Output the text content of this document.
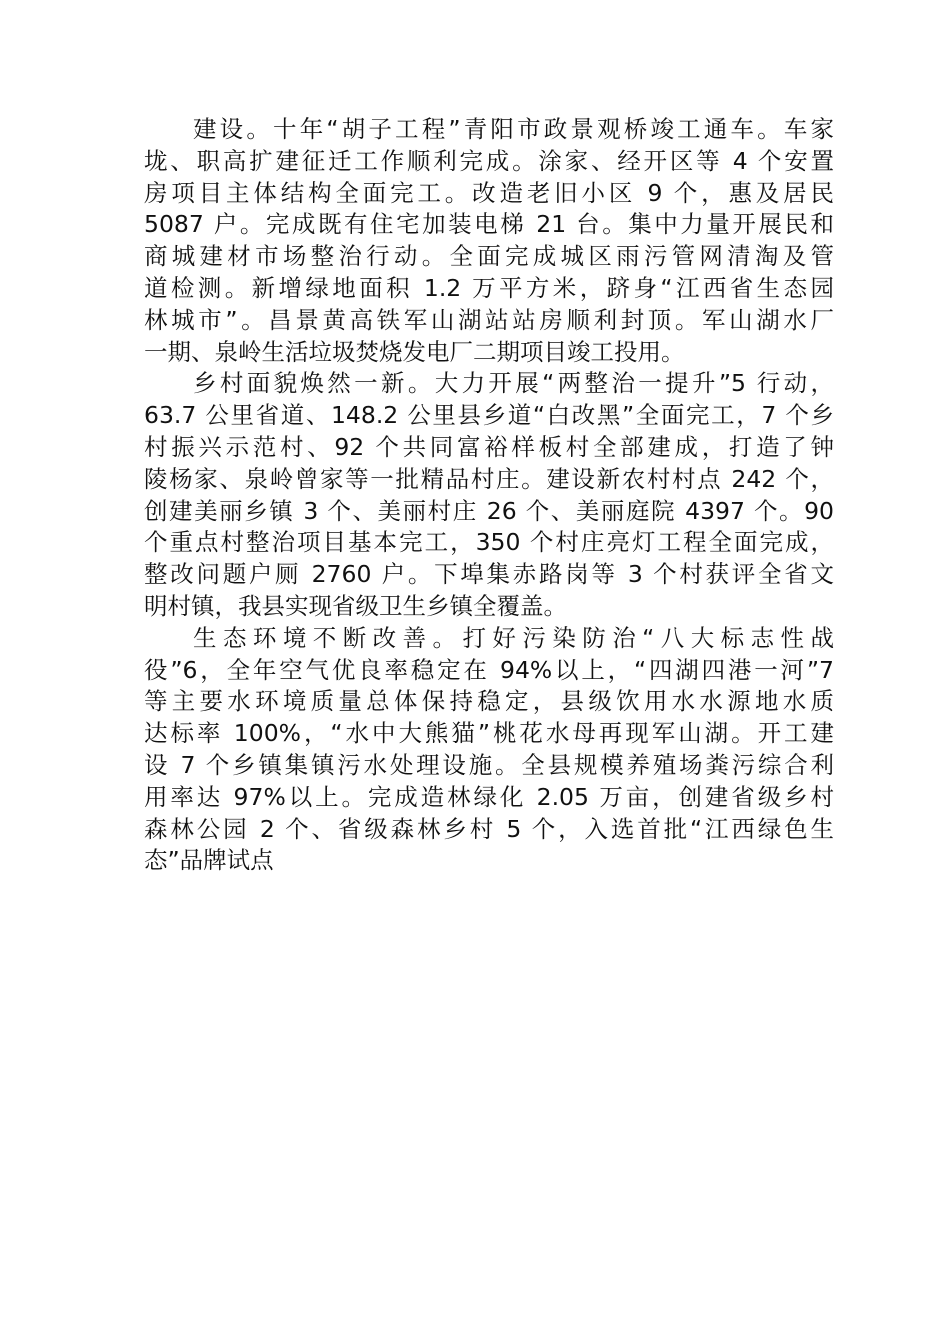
建设。十年“胡子工程”青阳市政景观桥竣工通车。车家
垅、职高扩建征迁工作顺利完成。涂家、经开区等 4 个安置
房项目主体结构全面完工。改造老旧小区 9 个，惠及居民
5087 户。完成既有住宅加装电梯 21 台。集中力量开展民和
商城建材市场整治行动。全面完成城区雨污管网清淘及管
道检测。新增绿地面积 1.2 万平方米，跻身“江西省生态园
林城市”。昌景黄高铁军山湖站站房顺利封顶。军山湖水厂
一期、泉岭生活垃圾焚烧发电厂二期项目竣工投用。
乡村面貌焕然一新。大力开展“两整治一提升”5 行动，
63.7 公里省道、148.2 公里县乡道“白改黑”全面完工，7 个乡
村振兴示范村、92 个共同富裕样板村全部建成，打造了钟
陵杨家、泉岭曾家等一批精品村庄。建设新农村村点 242 个，
创建美丽乡镇 3 个、美丽村庄 26 个、美丽庭院 4397 个。90
个重点村整治项目基本完工，350 个村庄亮灯工程全面完成，
整改问题户厕 2760 户。下埠集赤路岗等 3 个村获评全省文
明村镇，我县实现省级卫生乡镇全覆盖。
生态环境不断改善。打好污染防治“八大标志性战
役”6，全年空气优良率稳定在 94%以上，“四湖四港一河”7
等主要水环境质量总体保持稳定，县级饮用水水源地水质
达标率 100%，“水中大熊猫”桃花水母再现军山湖。开工建
设 7 个乡镇集镇污水处理设施。全县规模养殖场粪污综合利
用率达 97%以上。完成造林绿化 2.05 万亩，创建省级乡村
森林公园 2 个、省级森林乡村 5 个，入选首批“江西绿色生
态”品牌试点
